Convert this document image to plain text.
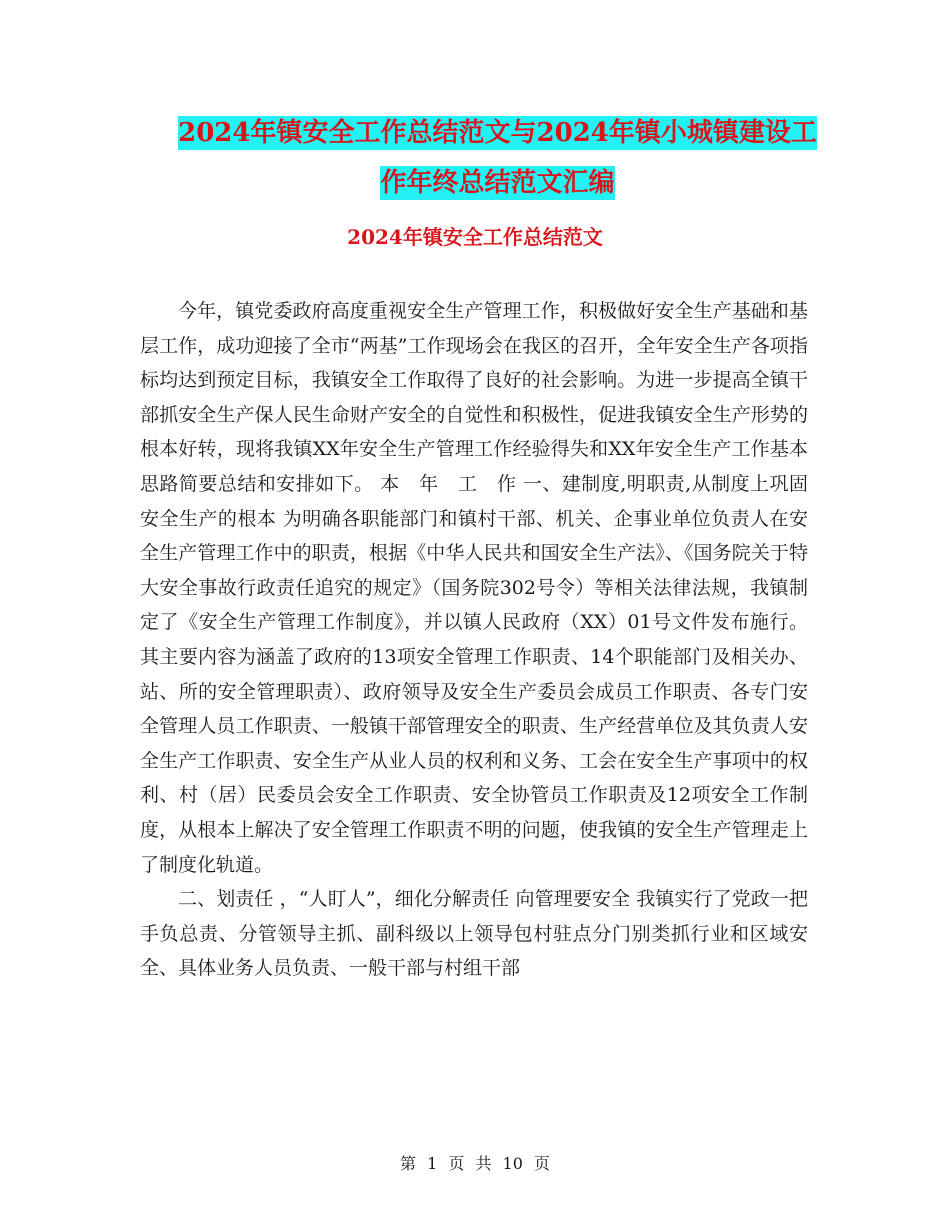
2024年镇安全工作总结范文与2024年镇小城镇建设工
作年终总结范文汇编
2024年镇安全工作总结范文

今年，镇党委政府高度重视安全生产管理工作，积极做好安全生产基础和基层工作，成功迎接了全市“两基”工作现场会在我区的召开，全年安全生产各项指标均达到预定目标，我镇安全工作取得了良好的社会影响。为进一步提高全镇干部抓安全生产保人民生命财产安全的自觉性和积极性，促进我镇安全生产形势的根本好转，现将我镇XX年安全生产管理工作经验得失和XX年安全生产工作基本思路简要总结和安排如下。 本　年　工　作 一、建制度,明职责,从制度上巩固安全生产的根本 为明确各职能部门和镇村干部、机关、企事业单位负责人在安全生产管理工作中的职责，根据《中华人民共和国安全生产法》、《国务院关于特大安全事故行政责任追究的规定》（国务院302号令）等相关法律法规，我镇制定了《安全生产管理工作制度》，并以镇人民政府（XX）01号文件发布施行。其主要内容为涵盖了政府的13项安全管理工作职责、14个职能部门及相关办、站、所的安全管理职责）、政府领导及安全生产委员会成员工作职责、各专门安全管理人员工作职责、一般镇干部管理安全的职责、生产经营单位及其负责人安全生产工作职责、安全生产从业人员的权利和义务、工会在安全生产事项中的权利、村（居）民委员会安全工作职责、安全协管员工作职责及12项安全工作制度，从根本上解决了安全管理工作职责不明的问题，使我镇的安全生产管理走上了制度化轨道。

二、划责任 ，“人盯人”，细化分解责任 向管理要安全 我镇实行了党政一把手负总责、分管领导主抓、副科级以上领导包村驻点分门别类抓行业和区域安全、具体业务人员负责、一般干部与村组干部

第 1 页 共 10 页
